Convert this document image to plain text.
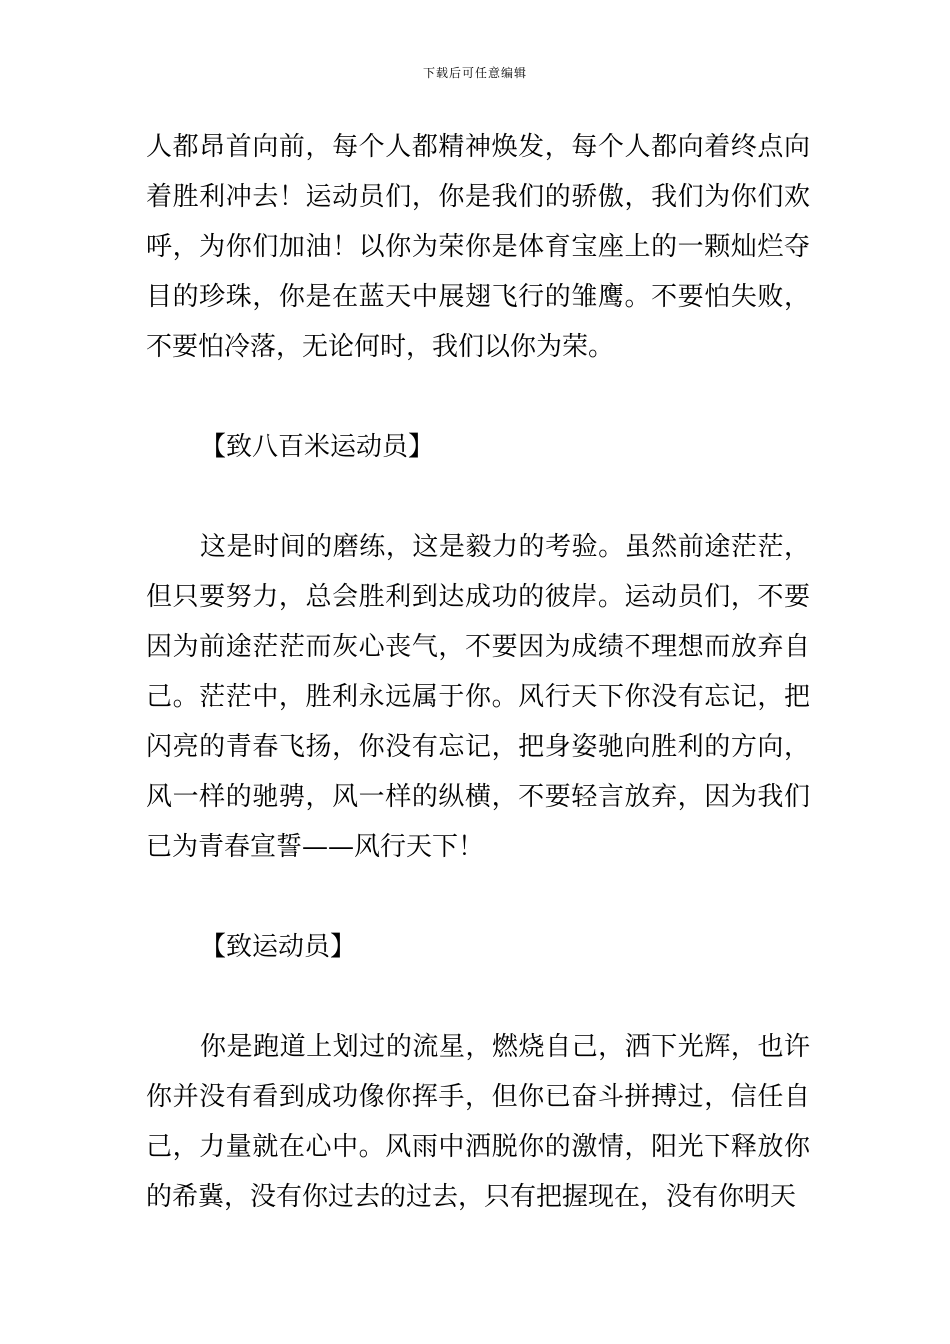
下载后可任意编辑

人都昂首向前，每个人都精神焕发，每个人都向着终点向着胜利冲去！运动员们，你是我们的骄傲，我们为你们欢呼，为你们加油！以你为荣你是体育宝座上的一颗灿烂夺目的珍珠，你是在蓝天中展翅飞行的雏鹰。不要怕失败，不要怕冷落，无论何时，我们以你为荣。

【致八百米运动员】

这是时间的磨练，这是毅力的考验。虽然前途茫茫，但只要努力，总会胜利到达成功的彼岸。运动员们，不要因为前途茫茫而灰心丧气，不要因为成绩不理想而放弃自己。茫茫中，胜利永远属于你。风行天下你没有忘记，把闪亮的青春飞扬，你没有忘记，把身姿驰向胜利的方向，风一样的驰骋，风一样的纵横，不要轻言放弃，因为我们已为青春宣誓——风行天下！

【致运动员】

你是跑道上划过的流星，燃烧自己，洒下光辉，也许你并没有看到成功像你挥手，但你已奋斗拼搏过，信任自己，力量就在心中。风雨中洒脱你的激情，阳光下释放你的希冀，没有你过去的过去，只有把握现在，没有你明天
